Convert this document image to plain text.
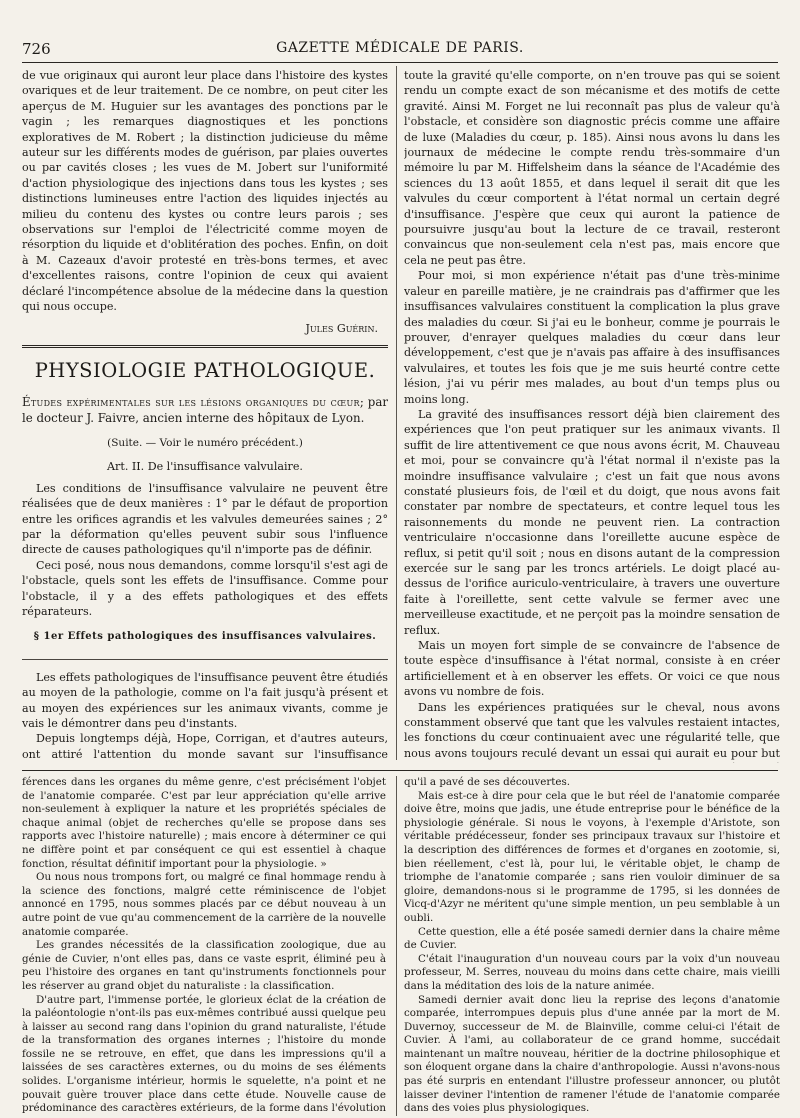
726	GAZETTE MÉDICALE DE PARIS.

de vue originaux qui auront leur place dans l'histoire des kystes ovariques et de leur traitement. De ce nombre, on peut citer les aperçus de M. Huguier sur les avantages des ponctions par le vagin ; les remarques diagnostiques et les ponctions exploratives de M. Robert ; la distinction judicieuse du même auteur sur les différents modes de guérison, par plaies ouvertes ou par cavités closes ; les vues de M. Jobert sur l'uniformité d'action physiologique des injections dans tous les kystes ; ses distinctions lumineuses entre l'action des liquides injectés au milieu du contenu des kystes ou contre leurs parois ; ses observations sur l'emploi de l'électricité comme moyen de résorption du liquide et d'oblitération des poches. Enfin, on doit à M. Cazeaux d'avoir protesté en très-bons termes, et avec d'excellentes raisons, contre l'opinion de ceux qui avaient déclaré l'incompétence absolue de la médecine dans la question qui nous occupe.

Jules Guérin.

PHYSIOLOGIE PATHOLOGIQUE.

Études expérimentales sur les lésions organiques du cœur; par le docteur J. Faivre, ancien interne des hôpitaux de Lyon.

(Suite. — Voir le numéro précédent.)

Art. II. De l'insuffisance valvulaire.

Les conditions de l'insuffisance valvulaire ne peuvent être réalisées que de deux manières : 1° par le défaut de proportion entre les orifices agrandis et les valvules demeurées saines ; 2° par la déformation qu'elles peuvent subir sous l'influence directe de causes pathologiques qu'il n'importe pas de définir.

Ceci posé, nous nous demandons, comme lorsqu'il s'est agi de l'obstacle, quels sont les effets de l'insuffisance. Comme pour l'obstacle, il y a des effets pathologiques et des effets réparateurs.

§ 1er Effets pathologiques des insuffisances valvulaires.

Les effets pathologiques de l'insuffisance peuvent être étudiés au moyen de la pathologie, comme on l'a fait jusqu'à présent et au moyen des expériences sur les animaux vivants, comme je vais le démontrer dans peu d'instants.

Depuis longtemps déjà, Hope, Corrigan, et d'autres auteurs, ont attiré l'attention du monde savant sur l'insuffisance

toute la gravité qu'elle comporte, on n'en trouve pas qui se soient rendu un compte exact de son mécanisme et des motifs de cette gravité. Ainsi M. Forget ne lui reconnaît pas plus de valeur qu'à l'obstacle, et considère son diagnostic précis comme une affaire de luxe (Maladies du cœur, p. 185). Ainsi nous avons lu dans les journaux de médecine le compte rendu très-sommaire d'un mémoire lu par M. Hiffelsheim dans la séance de l'Académie des sciences du 13 août 1855, et dans lequel il serait dit que les valvules du cœur comportent à l'état normal un certain degré d'insuffisance. J'espère que ceux qui auront la patience de poursuivre jusqu'au bout la lecture de ce travail, resteront convaincus que non-seulement cela n'est pas, mais encore que cela ne peut pas être.

Pour moi, si mon expérience n'était pas d'une très-minime valeur en pareille matière, je ne craindrais pas d'affirmer que les insuffisances valvulaires constituent la complication la plus grave des maladies du cœur. Si j'ai eu le bonheur, comme je pourrais le prouver, d'enrayer quelques maladies du cœur dans leur développement, c'est que je n'avais pas affaire à des insuffisances valvulaires, et toutes les fois que je me suis heurté contre cette lésion, j'ai vu périr mes malades, au bout d'un temps plus ou moins long.

La gravité des insuffisances ressort déjà bien clairement des expériences que l'on peut pratiquer sur les animaux vivants. Il suffit de lire attentivement ce que nous avons écrit, M. Chauveau et moi, pour se convaincre qu'à l'état normal il n'existe pas la moindre insuffisance valvulaire ; c'est un fait que nous avons constaté plusieurs fois, de l'œil et du doigt, que nous avons fait constater par nombre de spectateurs, et contre lequel tous les raisonnements du monde ne peuvent rien. La contraction ventriculaire n'occasionne dans l'oreillette aucune espèce de reflux, si petit qu'il soit ; nous en disons autant de la compression exercée sur le sang par les troncs artériels. Le doigt placé au-dessus de l'orifice auriculo-ventriculaire, à travers une ouverture faite à l'oreillette, sent cette valvule se fermer avec une merveilleuse exactitude, et ne perçoit pas la moindre sensation de reflux.

Mais un moyen fort simple de se convaincre de l'absence de toute espèce d'insuffisance à l'état normal, consiste à en créer artificiellement et à en observer les effets. Or voici ce que nous avons vu nombre de fois.

Dans les expériences pratiquées sur le cheval, nous avons constamment observé que tant que les valvules restaient intactes, les fonctions du cœur continuaient avec une régularité telle, que nous avons toujours reculé devant un essai qui aurait eu pour but

férences dans les organes du même genre, c'est précisément l'objet de l'anatomie comparée. C'est par leur appréciation qu'elle arrive non-seulement à expliquer la nature et les propriétés spéciales de chaque animal (objet de recherches qu'elle se propose dans ses rapports avec l'histoire naturelle) ; mais encore à déterminer ce qui ne diffère point et par conséquent ce qui est essentiel à chaque fonction, résultat définitif important pour la physiologie. »

Ou nous nous trompons fort, ou malgré ce final hommage rendu à la science des fonctions, malgré cette réminiscence de l'objet annoncé en 1795, nous sommes placés par ce début nouveau à un autre point de vue qu'au commencement de la carrière de la nouvelle anatomie comparée.

Les grandes nécessités de la classification zoologique, due au génie de Cuvier, n'ont elles pas, dans ce vaste esprit, éliminé peu à peu l'histoire des organes en tant qu'instruments fonctionnels pour les réserver au grand objet du naturaliste : la classification.

D'autre part, l'immense portée, le glorieux éclat de la création de la paléontologie n'ont-ils pas eux-mêmes contribué aussi quelque peu à laisser au second rang dans l'opinion du grand naturaliste, l'étude de la transformation des organes internes ; l'histoire du monde fossile ne se retrouve, en effet, que dans les impressions qu'il a laissées de ses caractères externes, ou du moins de ses éléments solides. L'organisme intérieur, hormis le squelette, n'a point et ne pouvait guère trouver place dans cette étude. Nouvelle cause de prédominance des caractères extérieurs, de la forme dans l'évolution

qu'il a pavé de ses découvertes.

Mais est-ce à dire pour cela que le but réel de l'anatomie comparée doive être, moins que jadis, une étude entreprise pour le bénéfice de la physiologie générale. Si nous le voyons, à l'exemple d'Aristote, son véritable prédécesseur, fonder ses principaux travaux sur l'histoire et la description des différences de formes et d'organes en zootomie, si, bien réellement, c'est là, pour lui, le véritable objet, le champ de triomphe de l'anatomie comparée ; sans rien vouloir diminuer de sa gloire, demandons-nous si le programme de 1795, si les données de Vicq-d'Azyr ne méritent qu'une simple mention, un peu semblable à un oubli.

Cette question, elle a été posée samedi dernier dans la chaire même de Cuvier.

C'était l'inauguration d'un nouveau cours par la voix d'un nouveau professeur, M. Serres, nouveau du moins dans cette chaire, mais vieilli dans la méditation des lois de la nature animée.

Samedi dernier avait donc lieu la reprise des leçons d'anatomie comparée, interrompues depuis plus d'une année par la mort de M. Duvernoy, successeur de M. de Blainville, comme celui-ci l'était de Cuvier. À l'ami, au collaborateur de ce grand homme, succédait maintenant un maître nouveau, héritier de la doctrine philosophique et son éloquent organe dans la chaire d'anthropologie. Aussi n'avons-nous pas été surpris en entendant l'illustre professeur annoncer, ou plutôt laisser deviner l'intention de ramener l'étude de l'anatomie comparée dans des voies plus physiologiques.
